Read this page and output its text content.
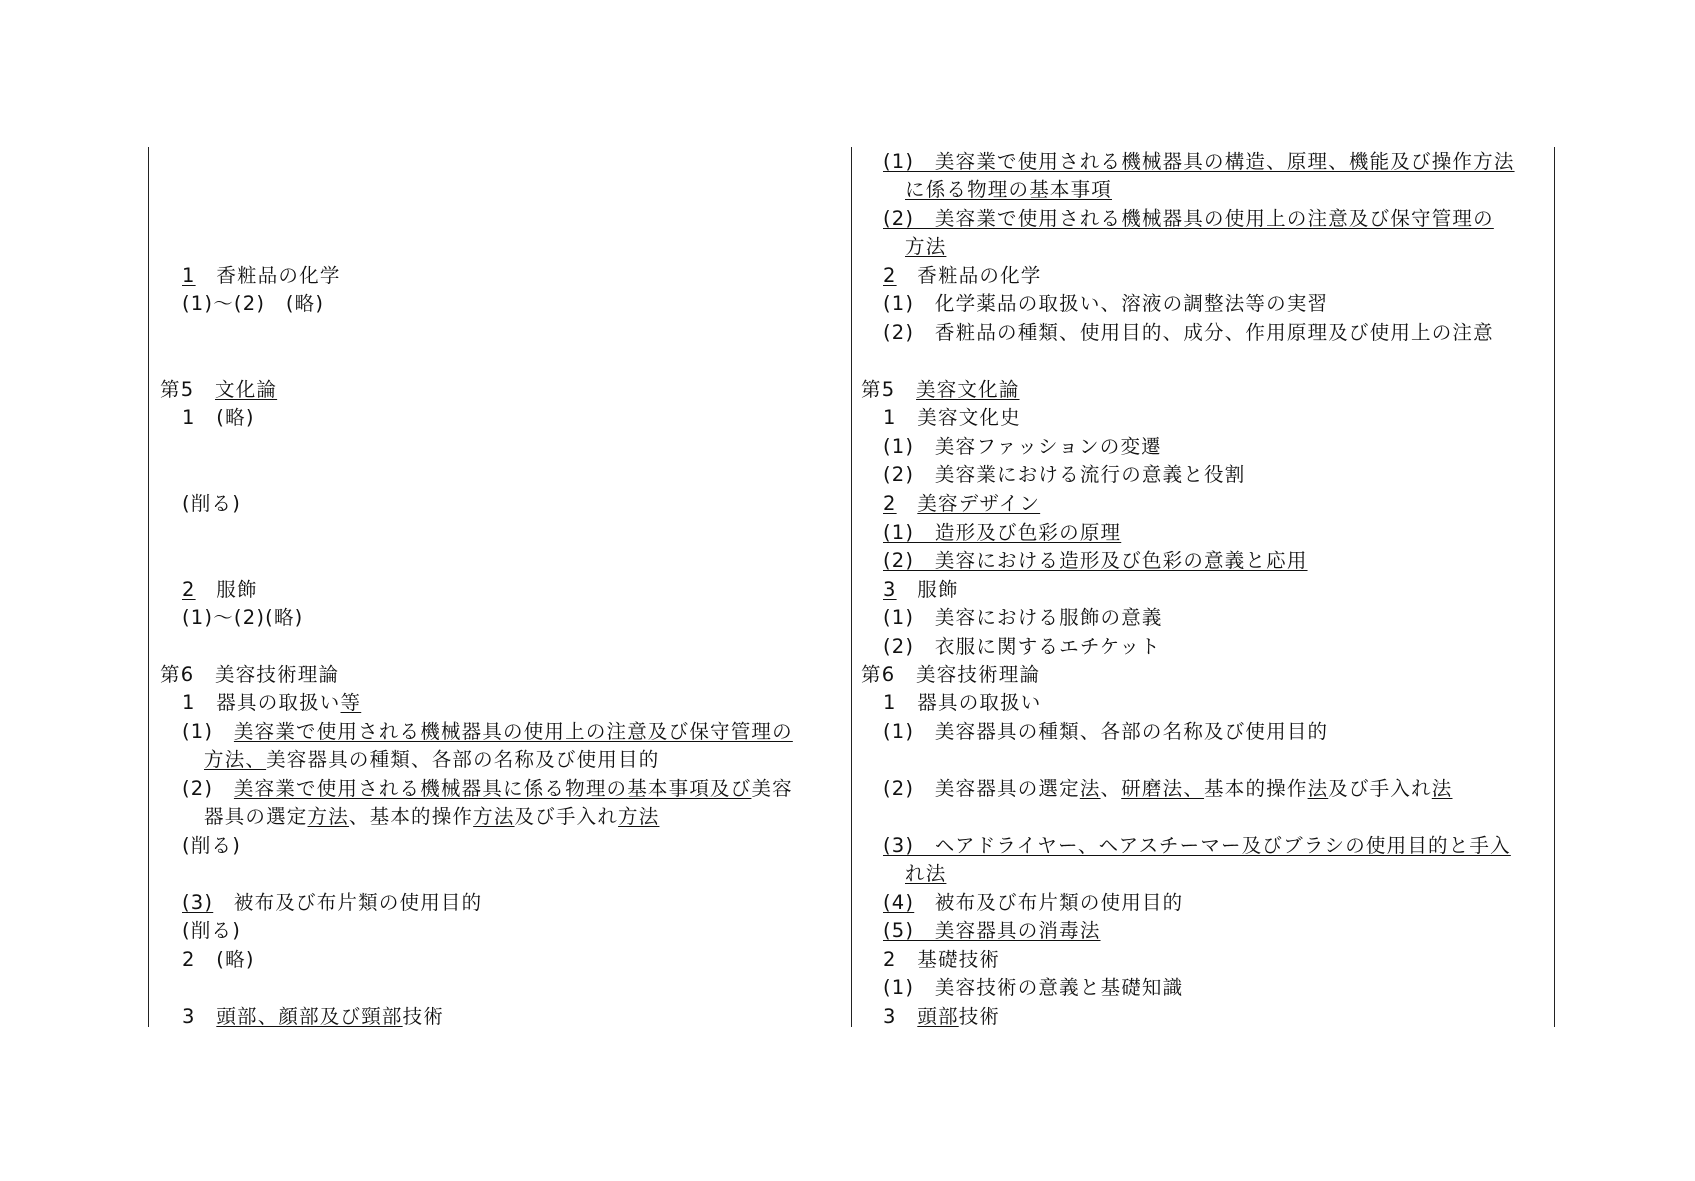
1　 香粧品の化学
(1)～(2)　(略)
第5　文化論
1　(略)
(削る)
2　服飾
(1)～(2)(略)
第6　美容技術理論
1　器具の取扱い等
(1)　美容業で使用される機械器具の使用上の注意及び保守管理の
方法、美容器具の種類、各部の名称及び使用目的
(2)　美容業で使用される機械器具に係る物理の基本事項及び美容
器具の選定方法、基本的操作方法及び手入れ方法
(削る)
(3)　被布及び布片類の使用目的
(削る)
2　(略)
3　頭部、顔部及び頸部技術
(1)　美容業で使用される機械器具の構造、原理、機能及び操作方法
に係る物理の基本事項
(2)　美容業で使用される機械器具の使用上の注意及び保守管理の
方法
2　香粧品の化学
(1)　化学薬品の取扱い、溶液の調整法等の実習
(2)　香粧品の種類、使用目的、成分、作用原理及び使用上の注意
第5　美容文化論
1　美容文化史
(1)　美容ファッションの変遷
(2)　美容業における流行の意義と役割
2　 美容デザイン
(1)　造形及び色彩の原理
(2)　美容における造形及び色彩の意義と応用
3　服飾
(1)　美容における服飾の意義
(2)　衣服に関するエチケット
第6　美容技術理論
1　器具の取扱い
(1)　美容器具の種類、各部の名称及び使用目的
(2)　美容器具の選定法、研磨法、基本的操作法及び手入れ法
(3)　ヘアドライヤー、ヘアスチーマー及びブラシの使用目的と手入
れ法
(4)　被布及び布片類の使用目的
(5)　美容器具の消毒法
2　基礎技術
(1)　美容技術の意義と基礎知識
3　頭部技術
